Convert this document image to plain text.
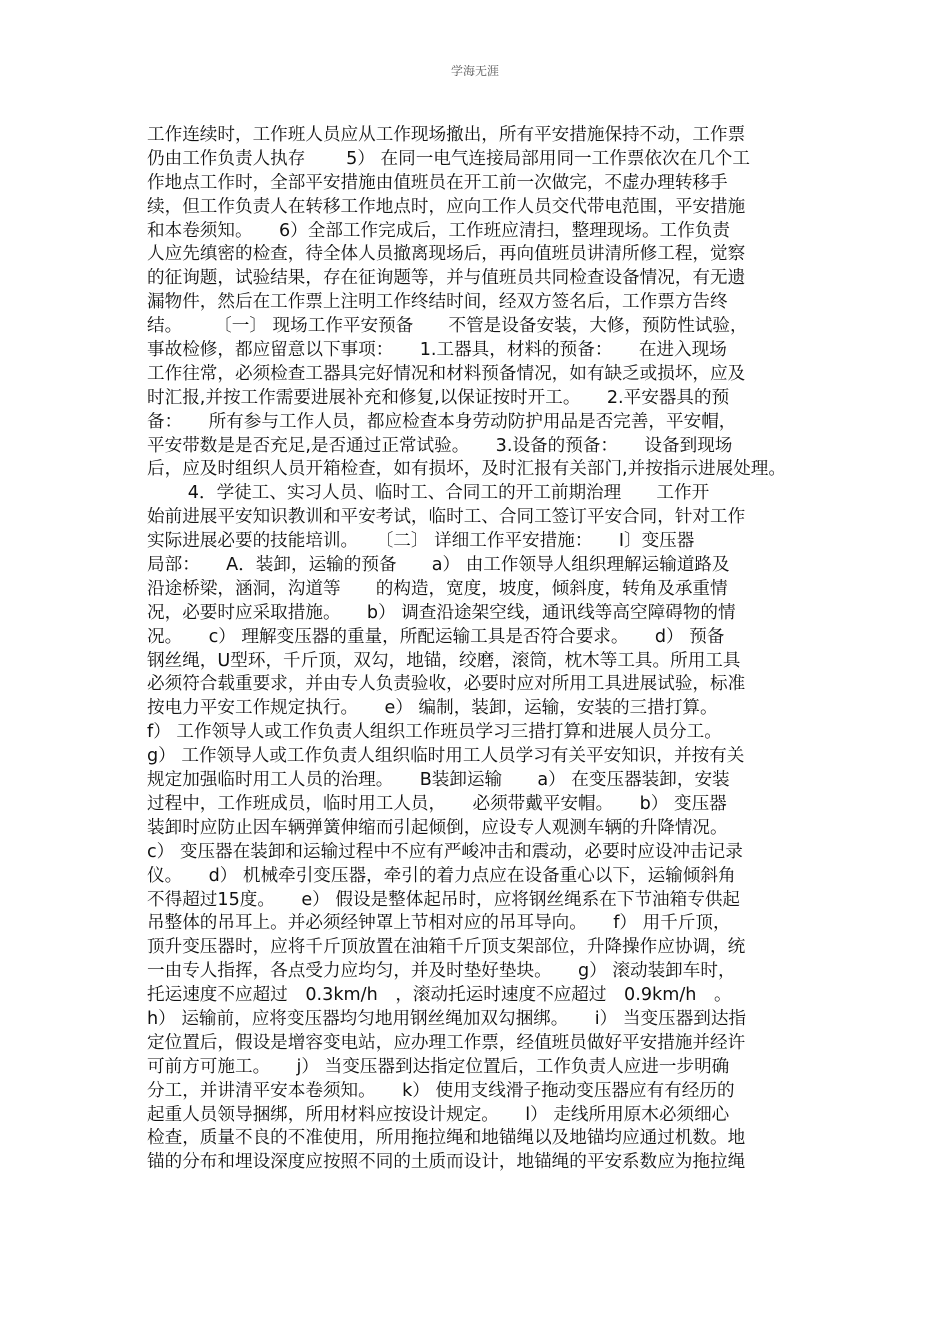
学海无涯
工作连续时，工作班人员应从工作现场撤出，所有平安措施保持不动，工作票
仍由工作负责人执存　　 5） 在同一电气连接局部用同一工作票依次在几个工
作地点工作时，全部平安措施由值班员在开工前一次做完，不虚办理转移手
续，但工作负责人在转移工作地点时，应向工作人员交代带电范围，平安措施
和本卷须知。　　6）全部工作完成后，工作班应清扫，整理现场。工作负责
人应先缜密的检查，待全体人员撤离现场后，再向值班员讲清所修工程，觉察
的征询题，试验结果，存在征询题等，并与值班员共同检查设备情况，有无遗
漏物件，然后在工作票上注明工作终结时间，经双方签名后，工作票方告终
结。　　 〔一〕 现场工作平安预备　　不管是设备安装，大修，预防性试验，
事故检修，都应留意以下事项：　　1.工器具，材料的预备：　　在进入现场
工作往常，必须检查工器具完好情况和材料预备情况，如有缺乏或损坏，应及
时汇报,并按工作需要进展补充和修复,以保证按时开工。　　2.平安器具的预
备：　　所有参与工作人员，都应检查本身劳动防护用品是否完善，平安帽，
平安带数是是否充足,是否通过正常试验。　　3.设备的预备：　　设备到现场
后，应及时组织人员开箱检查，如有损坏，及时汇报有关部门,并按指示进展处理。
　　 4．学徒工、实习人员、临时工、合同工的开工前期治理　　工作开
始前进展平安知识教训和平安考试，临时工、合同工签订平安合同，针对工作
实际进展必要的技能培训。　　〔二〕 详细工作平安措施：　　Ⅰ〕变压器
局部：　　A．装卸，运输的预备　　a） 由工作领导人组织理解运输道路及
沿途桥梁，涵洞，沟道等　　的构造，宽度，坡度，倾斜度，转角及承重情
况，必要时应采取措施。　　b） 调查沿途架空线，通讯线等高空障碍物的情
况。　　c） 理解变压器的重量，所配运输工具是否符合要求。　　d） 预备
钢丝绳，U型环，千斤顶，双勾，地锚，绞磨，滚筒，枕木等工具。所用工具
必须符合载重要求，并由专人负责验收，必要时应对所用工具进展试验，标准
按电力平安工作规定执行。　　e） 编制，装卸，运输，安装的三措打算。
f） 工作领导人或工作负责人组织工作班员学习三措打算和进展人员分工。
g） 工作领导人或工作负责人组织临时用工人员学习有关平安知识，并按有关
规定加强临时用工人员的治理。　　B装卸运输　　a） 在变压器装卸，安装
过程中，工作班成员，临时用工人员，　　必须带戴平安帽。　　b） 变压器
装卸时应防止因车辆弹簧伸缩而引起倾倒，应设专人观测车辆的升降情况。
c） 变压器在装卸和运输过程中不应有严峻冲击和震动，必要时应设冲击记录
仪。　　d） 机械牵引变压器，牵引的着力点应在设备重心以下，运输倾斜角
不得超过15度。　　e） 假设是整体起吊时，应将钢丝绳系在下节油箱专供起
吊整体的吊耳上。并必须经钟罩上节相对应的吊耳导向。　　f） 用千斤顶，
顶升变压器时，应将千斤顶放置在油箱千斤顶支架部位，升降操作应协调，统
一由专人指挥，各点受力应均匀，并及时垫好垫块。　　g） 滚动装卸车时，
托运速度不应超过　0.3km/h　，滚动托运时速度不应超过　0.9km/h　。
h） 运输前，应将变压器均匀地用钢丝绳加双勾捆绑。　　i） 当变压器到达指
定位置后，假设是增容变电站，应办理工作票，经值班员做好平安措施并经许
可前方可施工。　　j） 当变压器到达指定位置后，工作负责人应进一步明确
分工，并讲清平安本卷须知。　　k） 使用支线滑子拖动变压器应有有经历的
起重人员领导捆绑，所用材料应按设计规定。　　l） 走线所用原木必须细心
检查，质量不良的不准使用，所用拖拉绳和地锚绳以及地锚均应通过机数。地
锚的分布和埋设深度应按照不同的土质而设计，地锚绳的平安系数应为拖拉绳
